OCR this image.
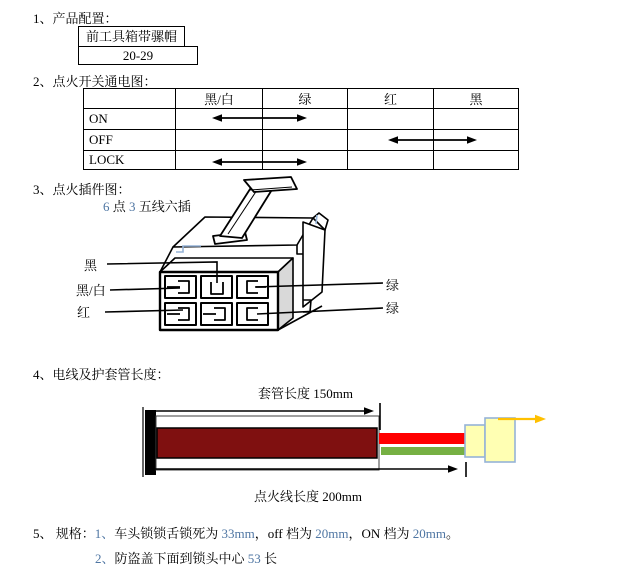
1、产品配置：
前工具箱带骡帽
20-29
2、点火开关通电图：
	黑/白	绿	红	黑
ON				
OFF				
LOCK				
3、点火插件图：
6 点 3 五线六插
黑
黑/白
红
绿
绿
4、电线及护套管长度：
套管长度 150mm
点火线长度 200mm
5、 规格：1、车头锁锁舌锁死为 33mm，off 档为 20mm，ON 档为 20mm。
2、防盗盖下面到锁头中心 53 长
